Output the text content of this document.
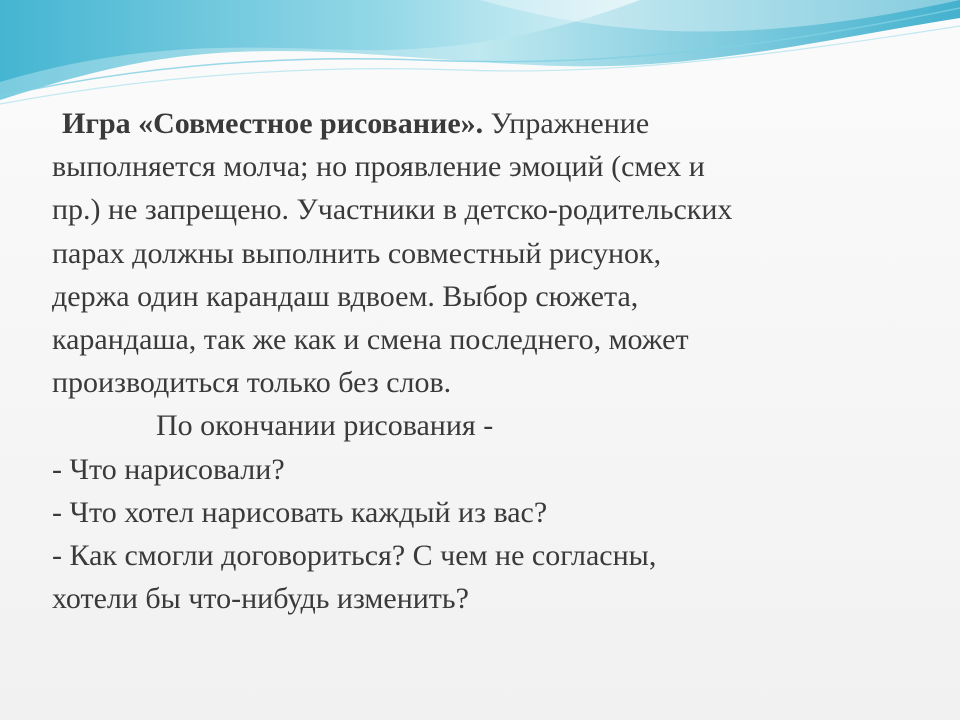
Игра «Совместное рисование». Упражнение
выполняется молча; но проявление эмоций (смех и
пр.) не запрещено. Участники в детско-родительских
парах должны выполнить совместный рисунок,
держа один карандаш вдвоем. Выбор сюжета,
карандаша, так же как и смена последнего, может
производиться только без слов.
По окончании рисования -
- Что нарисовали?
- Что хотел нарисовать каждый из вас?
- Как смогли договориться? С чем не согласны,
хотели бы что-нибудь изменить?
